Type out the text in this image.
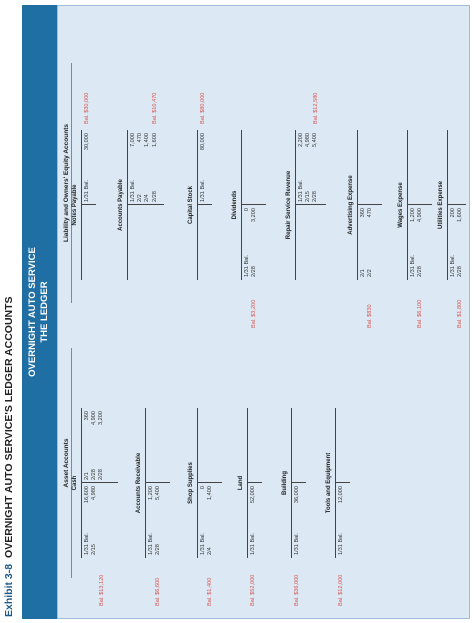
Exhibit 3-8 OVERNIGHT AUTO SERVICE'S LEDGER ACCOUNTS OVERNIGHT AUTO SERVICE THE LEDGER
Asset Accounts
Liability and Owners' Equity Accounts
Bal. $13,120
Cash
1/31 Bal.
16,600
2/15
4,980
2/1
360
2/28
4,900
2/28
3,200
Bal. $6,600
Accounts Receivable
1/31 Bal.
1,200
2/28
5,400
Bal. $1,400
Shop Supplies
1/31 Bal.
0
2/4
1,400
Bal. $52,000
Land
1/31 Bal.
52,000
Bal. $36,000
Building
1/31 Bal.
36,000
Bal. $12,000
Tools and Equipment
1/31 Bal.
12,000
Bal. $30,000
Notes Payable 1/31 Bal.
30,000
Bal. $10,470
Accounts Payable 1/31 Bal.
7,000
2/2
470
2/4
1,400
2/28
1,600
Bal. $80,000
Capital Stock 1/31 Bal.
80,000
Bal. $3,200
Dividends
1/31 Bal.
0
2/28
3,200
Bal. $12,580
Repair Service Revenue 1/31 Bal.
2,200
2/15
4,980
2/28
5,400
Bal. $830
Advertising Expense
2/1
360
2/2
470
Bal. $6,100
Wages Expense
1/31 Bal.
1,200
2/28
4,900
Bal. $1,800
Utilities Expense
1/31 Bal.
200
2/28
1,600
